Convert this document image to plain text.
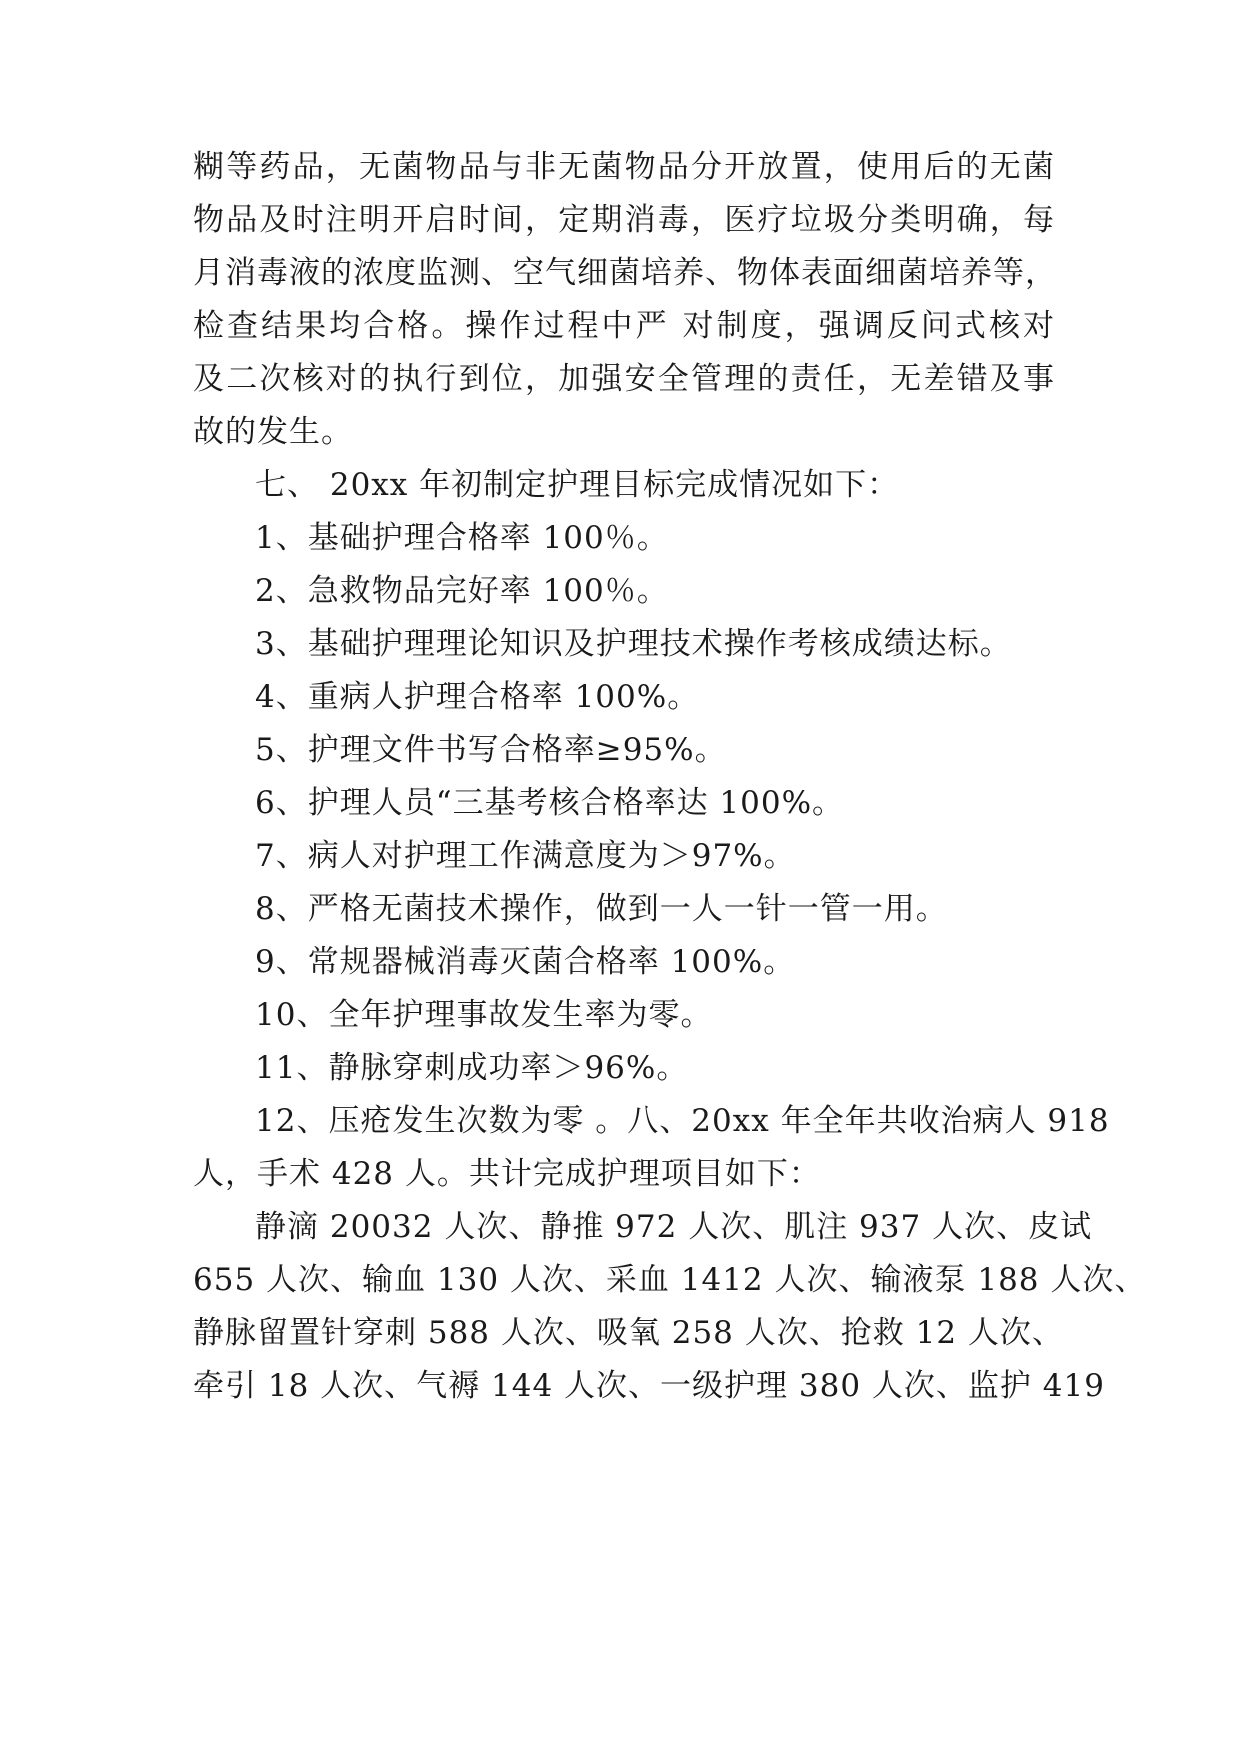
糊等药品，无菌物品与非无菌物品分开放置，使用后的无菌
物品及时注明开启时间，定期消毒，医疗垃圾分类明确，每
月消毒液的浓度监测、空气细菌培养、物体表面细菌培养等，
检查结果均合格。操作过程中严 对制度，强调反问式核对
及二次核对的执行到位，加强安全管理的责任，无差错及事
故的发生。
七、 20xx 年初制定护理目标完成情况如下：
1、基础护理合格率 100％。
2、急救物品完好率 100％。
3、基础护理理论知识及护理技术操作考核成绩达标。
4、重病人护理合格率 100%。
5、护理文件书写合格率≥95%。
6、护理人员“三基考核合格率达 100%。
7、病人对护理工作满意度为＞97%。
8、严格无菌技术操作，做到一人一针一管一用。
9、常规器械消毒灭菌合格率 100%。
10、全年护理事故发生率为零。
11、静脉穿刺成功率＞96%。
12、压疮发生次数为零 。八、20xx 年全年共收治病人 918
人，手术 428 人。共计完成护理项目如下：
静滴 20032 人次、静推 972 人次、肌注 937 人次、皮试
655 人次、输血 130 人次、采血 1412 人次、输液泵 188 人次、
静脉留置针穿刺 588 人次、吸氧 258 人次、抢救 12 人次、
牵引 18 人次、气褥 144 人次、一级护理 380 人次、监护 419
